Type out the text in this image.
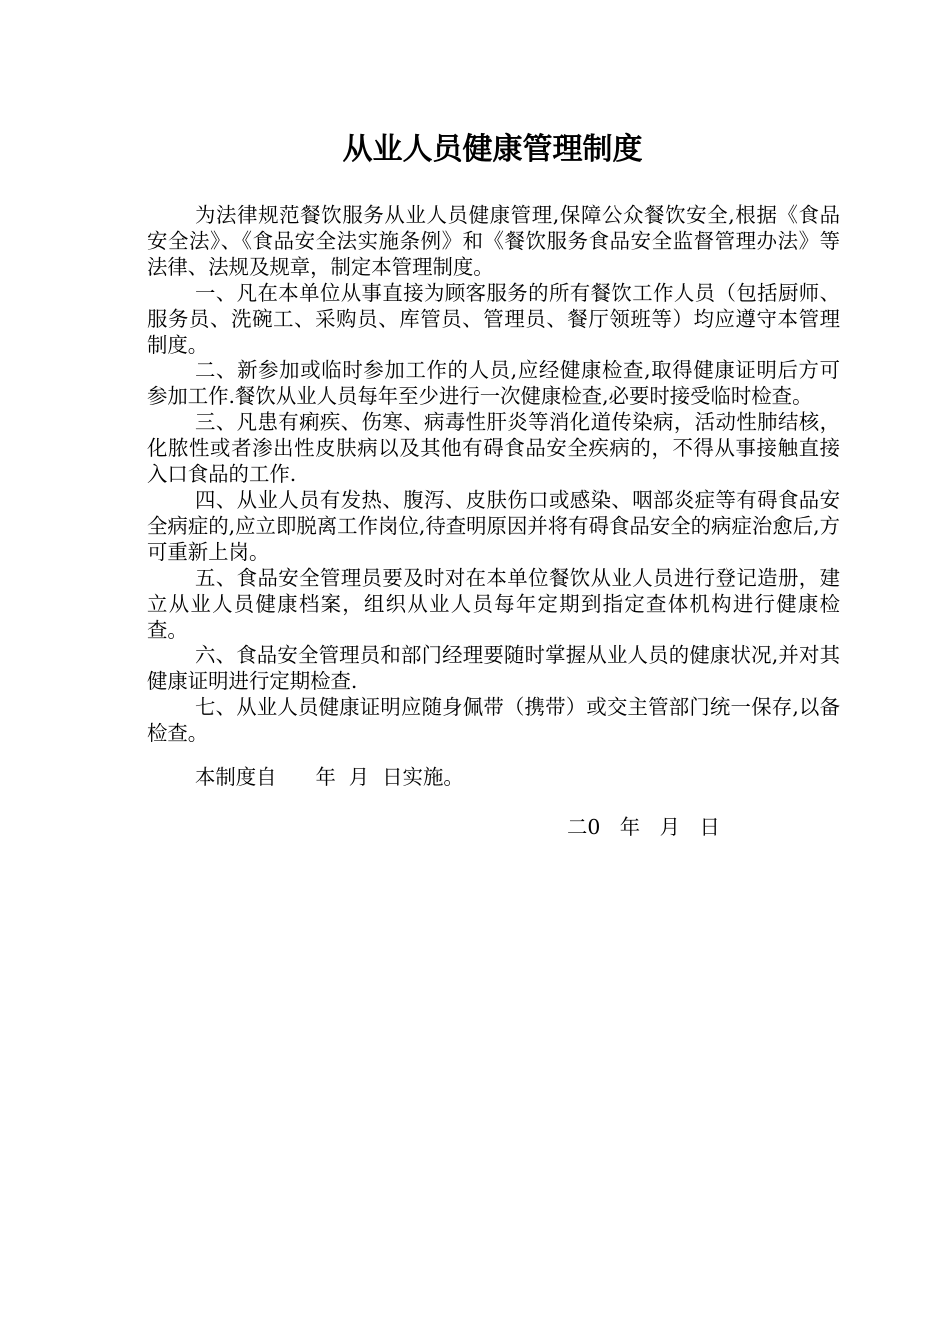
从业人员健康管理制度

为法律规范餐饮服务从业人员健康管理,保障公众餐饮安全,根据《食品安全法》、《食品安全法实施条例》和《餐饮服务食品安全监督管理办法》等法律、法规及规章，制定本管理制度。

一、凡在本单位从事直接为顾客服务的所有餐饮工作人员（包括厨师、服务员、洗碗工、采购员、库管员、管理员、餐厅领班等）均应遵守本管理制度。

二、新参加或临时参加工作的人员,应经健康检查,取得健康证明后方可参加工作.餐饮从业人员每年至少进行一次健康检查,必要时接受临时检查。

三、凡患有痢疾、伤寒、病毒性肝炎等消化道传染病，活动性肺结核，化脓性或者渗出性皮肤病以及其他有碍食品安全疾病的，不得从事接触直接入口食品的工作.

四、从业人员有发热、腹泻、皮肤伤口或感染、咽部炎症等有碍食品安全病症的,应立即脱离工作岗位,待查明原因并将有碍食品安全的病症治愈后,方可重新上岗。

五、食品安全管理员要及时对在本单位餐饮从业人员进行登记造册，建立从业人员健康档案，组织从业人员每年定期到指定查体机构进行健康检查。

六、食品安全管理员和部门经理要随时掌握从业人员的健康状况,并对其健康证明进行定期检查.

七、从业人员健康证明应随身佩带（携带）或交主管部门统一保存,以备检查。

本制度自      年  月  日实施。
二0   年   月   日
